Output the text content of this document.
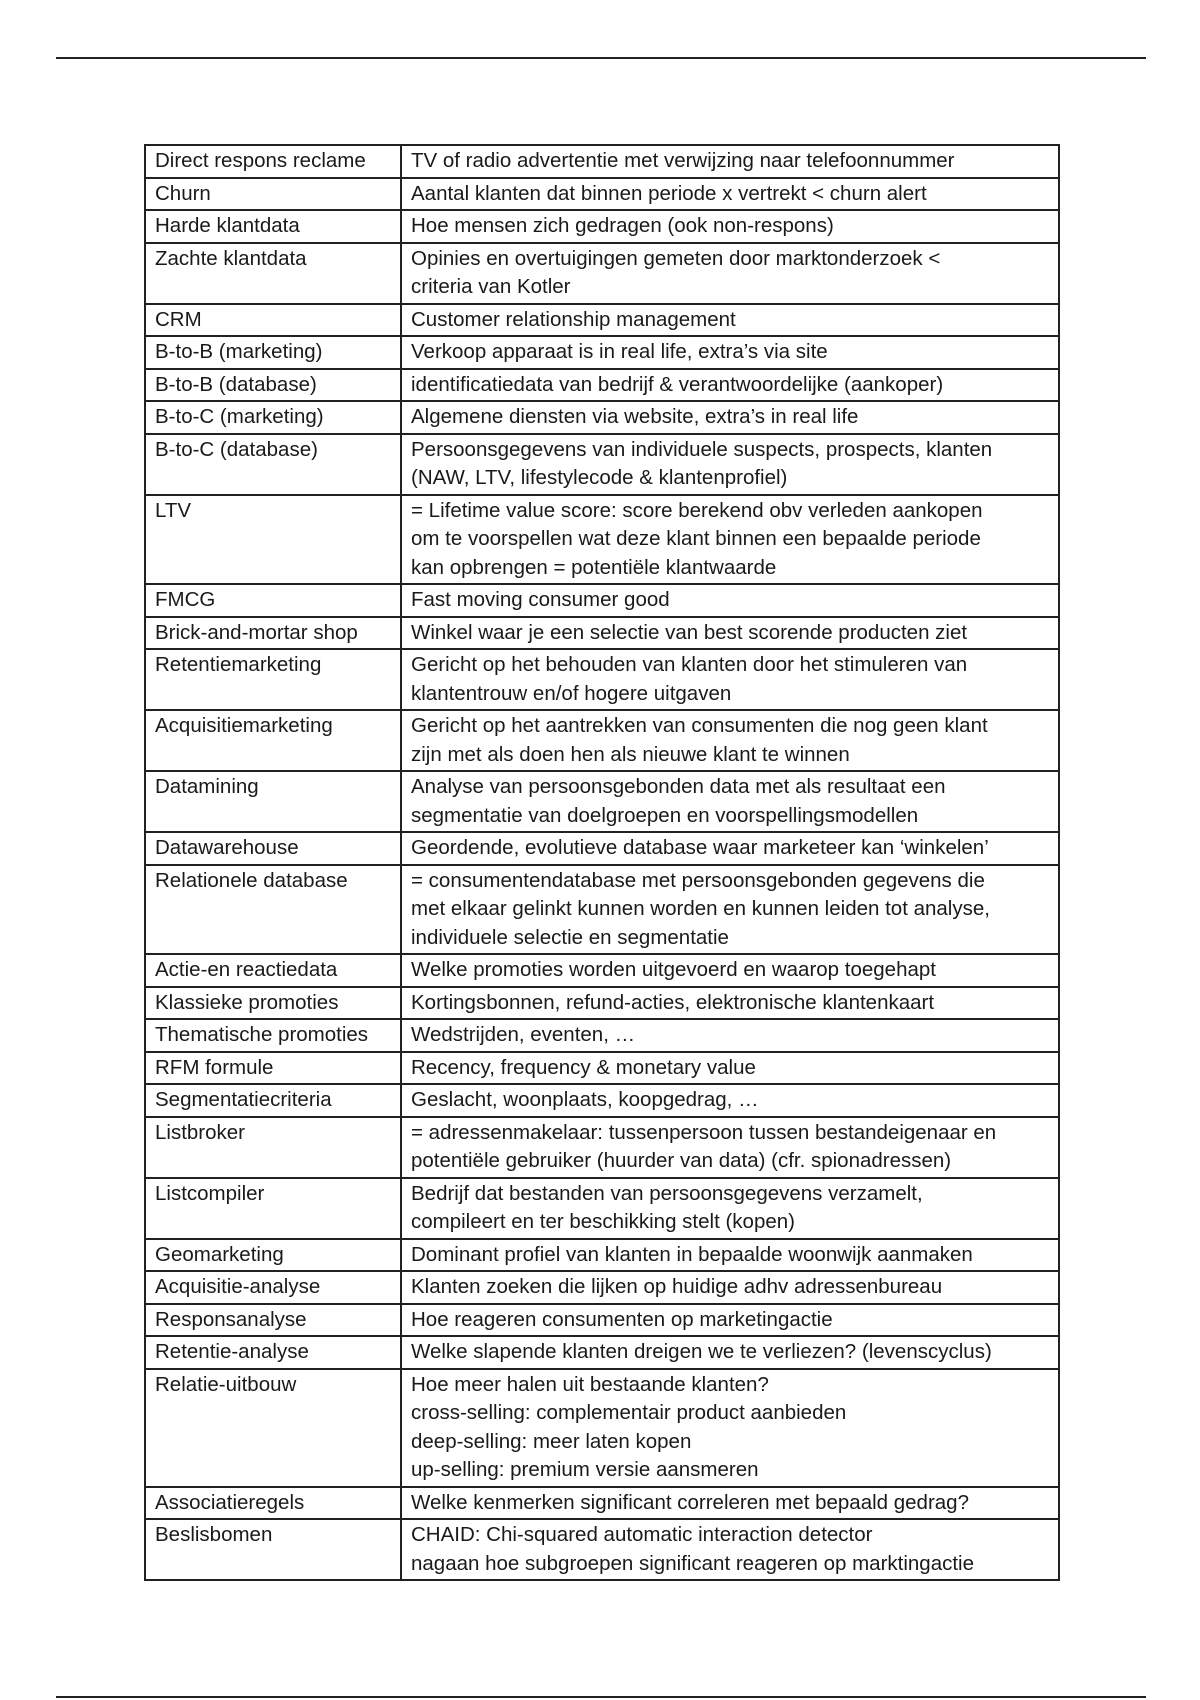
Direct respons reclame	TV of radio advertentie met verwijzing naar telefoonnummer

Churn	Aantal klanten dat binnen periode x vertrekt < churn alert

Harde klantdata	Hoe mensen zich gedragen (ook non-respons)

Zachte klantdata	Opinies en overtuigingen gemeten door marktonderzoek <
criteria van Kotler

CRM	Customer relationship management

B-to-B (marketing)	Verkoop apparaat is in real life, extra’s via site

B-to-B (database)	identificatiedata van bedrijf & verantwoordelijke (aankoper)

B-to-C (marketing)	Algemene diensten via website, extra’s in real life

B-to-C (database)	Persoonsgegevens van individuele suspects, prospects, klanten
(NAW, LTV, lifestylecode & klantenprofiel)

LTV	= Lifetime value score: score berekend obv verleden aankopen
om te voorspellen wat deze klant binnen een bepaalde periode
kan opbrengen = potentiële klantwaarde

FMCG	Fast moving consumer good

Brick-and-mortar shop	Winkel waar je een selectie van best scorende producten ziet

Retentiemarketing	Gericht op het behouden van klanten door het stimuleren van
klantentrouw en/of hogere uitgaven

Acquisitiemarketing	Gericht op het aantrekken van consumenten die nog geen klant
zijn met als doen hen als nieuwe klant te winnen

Datamining	Analyse van persoonsgebonden data met als resultaat een
segmentatie van doelgroepen en voorspellingsmodellen

Datawarehouse	Geordende, evolutieve database waar marketeer kan ‘winkelen’

Relationele database	= consumentendatabase met persoonsgebonden gegevens die
met elkaar gelinkt kunnen worden en kunnen leiden tot analyse,
individuele selectie en segmentatie

Actie-en reactiedata	Welke promoties worden uitgevoerd en waarop toegehapt

Klassieke promoties	Kortingsbonnen, refund-acties, elektronische klantenkaart

Thematische promoties	Wedstrijden, eventen, …

RFM formule	Recency, frequency & monetary value

Segmentatiecriteria	Geslacht, woonplaats, koopgedrag, …

Listbroker	= adressenmakelaar: tussenpersoon tussen bestandeigenaar en
potentiële gebruiker (huurder van data) (cfr. spionadressen)

Listcompiler	Bedrijf dat bestanden van persoonsgegevens verzamelt,
compileert en ter beschikking stelt (kopen)

Geomarketing	Dominant profiel van klanten in bepaalde woonwijk aanmaken

Acquisitie-analyse	Klanten zoeken die lijken op huidige adhv adressenbureau

Responsanalyse	Hoe reageren consumenten op marketingactie

Retentie-analyse	Welke slapende klanten dreigen we te verliezen? (levenscyclus)

Relatie-uitbouw	Hoe meer halen uit bestaande klanten?
cross-selling: complementair product aanbieden
deep-selling: meer laten kopen
up-selling: premium versie aansmeren

Associatieregels	Welke kenmerken significant correleren met bepaald gedrag?

Beslisbomen	CHAID: Chi-squared automatic interaction detector
nagaan hoe subgroepen significant reageren op marktingactie
